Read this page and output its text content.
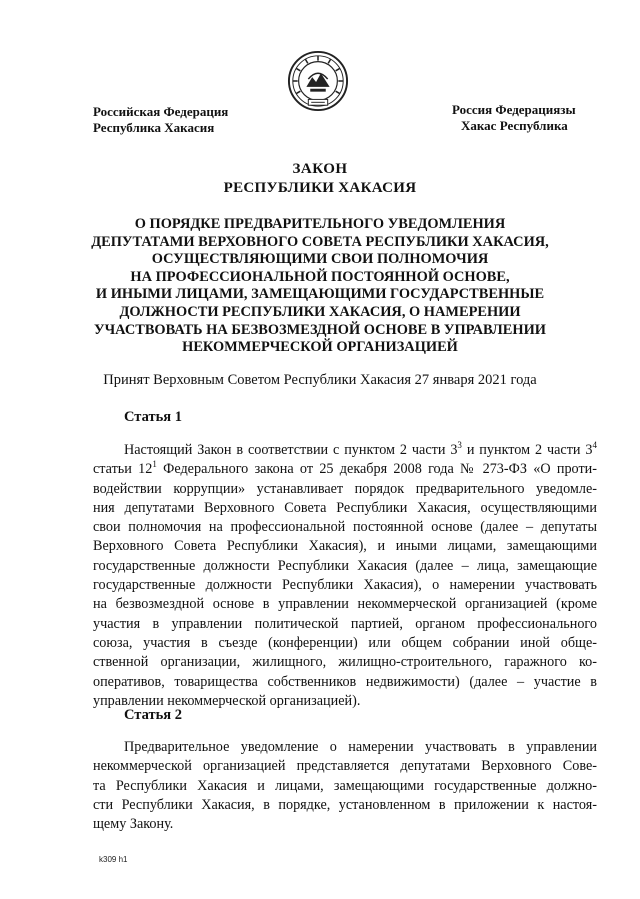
Российская Федерация
Республика Хакасия
Россия Федерациязы
Хакас Республика
ЗАКОН
РЕСПУБЛИКИ ХАКАСИЯ
О ПОРЯДКЕ ПРЕДВАРИТЕЛЬНОГО УВЕДОМЛЕНИЯ
ДЕПУТАТАМИ ВЕРХОВНОГО СОВЕТА РЕСПУБЛИКИ ХАКАСИЯ,
ОСУЩЕСТВЛЯЮЩИМИ СВОИ ПОЛНОМОЧИЯ
НА ПРОФЕССИОНАЛЬНОЙ ПОСТОЯННОЙ ОСНОВЕ,
И ИНЫМИ ЛИЦАМИ, ЗАМЕЩАЮЩИМИ ГОСУДАРСТВЕННЫЕ
ДОЛЖНОСТИ РЕСПУБЛИКИ ХАКАСИЯ, О НАМЕРЕНИИ
УЧАСТВОВАТЬ НА БЕЗВОЗМЕЗДНОЙ ОСНОВЕ В УПРАВЛЕНИИ
НЕКОММЕРЧЕСКОЙ ОРГАНИЗАЦИЕЙ
Принят Верховным Советом Республики Хакасия 27 января 2021 года
Статья 1
Настоящий Закон в соответствии с пунктом 2 части $3^3$ и пунктом 2 части $3^4$
статьи $12^1$ Федерального закона от 25 декабря 2008 года № 273-ФЗ «О проти-
водействии коррупции» устанавливает порядок предварительного уведомле-
ния депутатами Верховного Совета Республики Хакасия, осуществляющими
свои полномочия на профессиональной постоянной основе (далее – депутаты
Верховного Совета Республики Хакасия), и иными лицами, замещающими
государственные должности Республики Хакасия (далее – лица, замещающие
государственные должности Республики Хакасия), о намерении участвовать
на безвозмездной основе в управлении некоммерческой организацией (кроме
участия в управлении политической партией, органом профессионального
союза, участия в съезде (конференции) или общем собрании иной обще-
ственной организации, жилищного, жилищно-строительного, гаражного ко-
оперативов, товарищества собственников недвижимости) (далее – участие в
управлении некоммерческой организацией).
Статья 2
Предварительное уведомление о намерении участвовать в управлении
некоммерческой организацией представляется депутатами Верховного Сове-
та Республики Хакасия и лицами, замещающими государственные должно-
сти Республики Хакасия, в порядке, установленном в приложении к настоя-
щему Закону.
k309 h1
